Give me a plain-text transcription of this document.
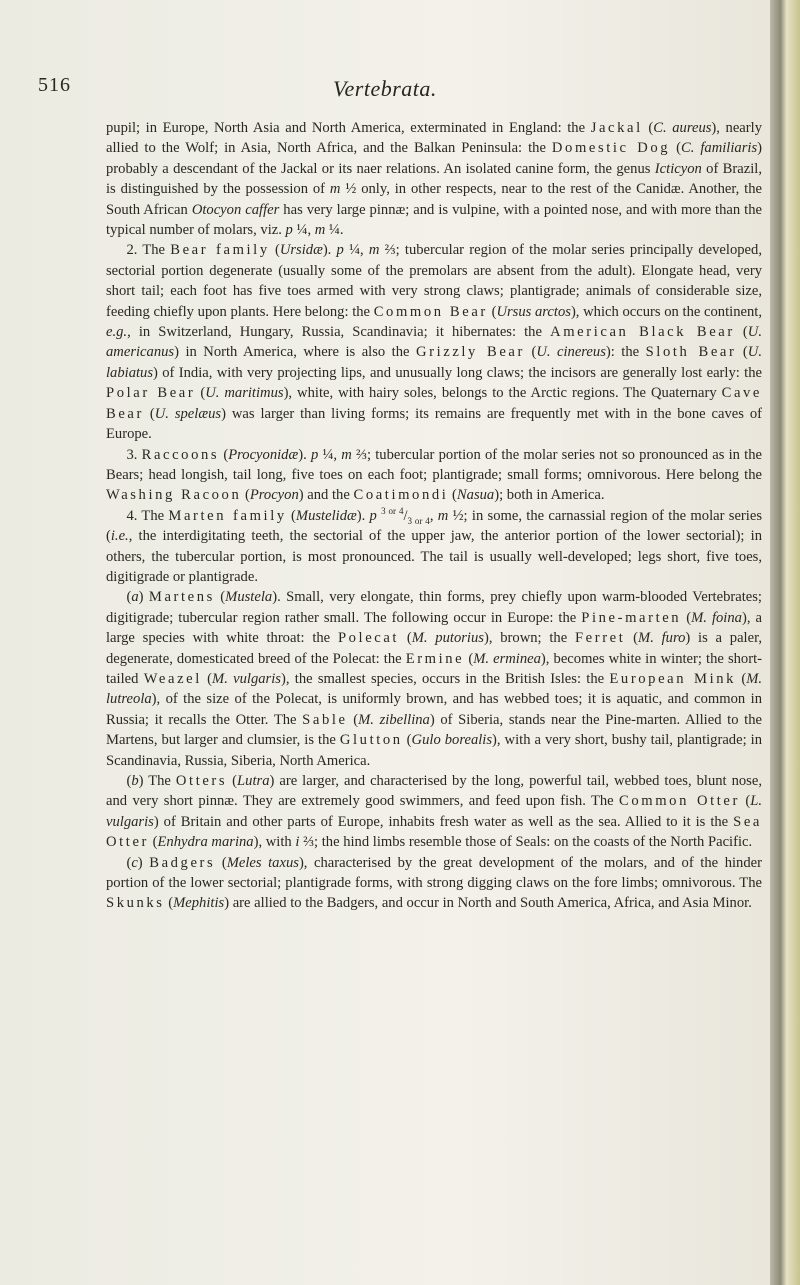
516	Vertebrata.

pupil; in Europe, North Asia and North America, exterminated in England: the Jackal (C. aureus), nearly allied to the Wolf; in Asia, North Africa, and the Balkan Peninsula: the Domestic Dog (C. familiaris) probably a descendant of the Jackal or its naer relations. An isolated canine form, the genus Icticyon of Brazil, is distinguished by the possession of m ½ only, in other respects, near to the rest of the Canidæ. Another, the South African Otocyon caffer has very large pinnæ; and is vulpine, with a pointed nose, and with more than the typical number of molars, viz. p ¼, m ¼.

2. The Bear family (Ursidæ). p ¼, m ⅔; tubercular region of the molar series principally developed, sectorial portion degenerate (usually some of the premolars are absent from the adult). Elongate head, very short tail; each foot has five toes armed with very strong claws; plantigrade; animals of considerable size, feeding chiefly upon plants. Here belong: the Common Bear (Ursus arctos), which occurs on the continent, e.g., in Switzerland, Hungary, Russia, Scandinavia; it hibernates: the American Black Bear (U. americanus) in North America, where is also the Grizzly Bear (U. cinereus): the Sloth Bear (U. labiatus) of India, with very projecting lips, and unusually long claws; the incisors are generally lost early: the Polar Bear (U. maritimus), white, with hairy soles, belongs to the Arctic regions. The Quaternary Cave Bear (U. spelæus) was larger than living forms; its remains are frequently met with in the bone caves of Europe.

3. Raccoons (Procyonidæ). p ¼, m ⅔; tubercular portion of the molar series not so pronounced as in the Bears; head longish, tail long, five toes on each foot; plantigrade; small forms; omnivorous. Here belong the Washing Racoon (Procyon) and the Coatimondi (Nasua); both in America.

4. The Marten family (Mustelidæ). p $^{3 or 4}/_{3 or 4}$, m ½; in some, the carnassial region of the molar series (i.e., the interdigitating teeth, the sectorial of the upper jaw, the anterior portion of the lower sectorial); in others, the tubercular portion, is most pronounced. The tail is usually well-developed; legs short, five toes, digitigrade or plantigrade.

(a) Martens (Mustela). Small, very elongate, thin forms, prey chiefly upon warm-blooded Vertebrates; digitigrade; tubercular region rather small. The following occur in Europe: the Pine-marten (M. foina), a large species with white throat: the Polecat (M. putorius), brown; the Ferret (M. furo) is a paler, degenerate, domesticated breed of the Polecat: the Ermine (M. erminea), becomes white in winter; the short-tailed Weazel (M. vulgaris), the smallest species, occurs in the British Isles: the European Mink (M. lutreola), of the size of the Polecat, is uniformly brown, and has webbed toes; it is aquatic, and common in Russia; it recalls the Otter. The Sable (M. zibellina) of Siberia, stands near the Pine-marten. Allied to the Martens, but larger and clumsier, is the Glutton (Gulo borealis), with a very short, bushy tail, plantigrade; in Scandinavia, Russia, Siberia, North America.

(b) The Otters (Lutra) are larger, and characterised by the long, powerful tail, webbed toes, blunt nose, and very short pinnæ. They are extremely good swimmers, and feed upon fish. The Common Otter (L. vulgaris) of Britain and other parts of Europe, inhabits fresh water as well as the sea. Allied to it is the Sea Otter (Enhydra marina), with i ⅔; the hind limbs resemble those of Seals: on the coasts of the North Pacific.

(c) Badgers (Meles taxus), characterised by the great development of the molars, and of the hinder portion of the lower sectorial; plantigrade forms, with strong digging claws on the fore limbs; omnivorous. The Skunks (Mephitis) are allied to the Badgers, and occur in North and South America, Africa, and Asia Minor.
